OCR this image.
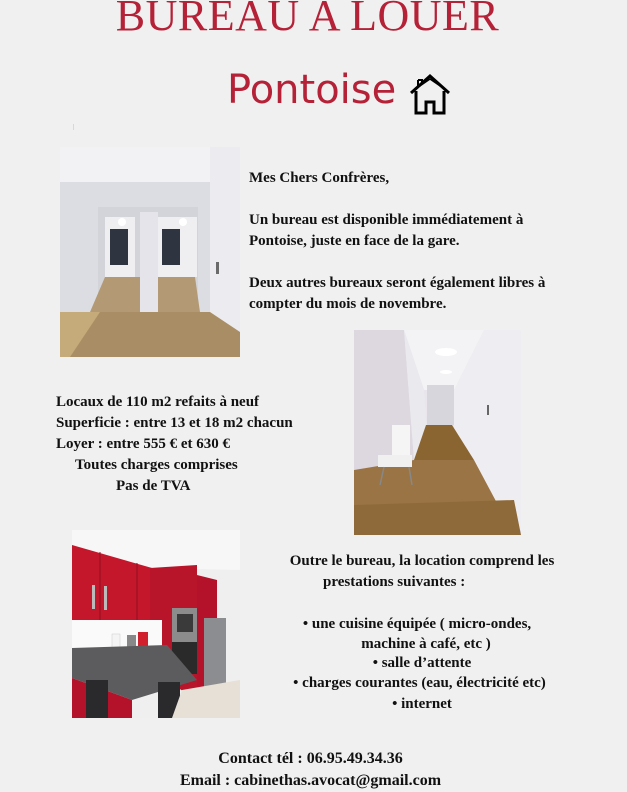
BUREAU A LOUER
Pontoise

Mes Chers Confrères,

Un bureau est disponible immédiatement à Pontoise, juste en face de la gare.

Deux autres bureaux seront également libres à compter du mois de novembre.

Locaux de 110 m2 refaits à neuf
Superficie : entre 13 et 18 m2 chacun
Loyer : entre 555 € et 630 €
Toutes charges comprises
Pas de TVA
Outre le bureau, la location comprend les
prestations suivantes :
• une cuisine équipée ( micro-ondes,
machine à café, etc )
• salle d’attente
• charges courantes (eau, électricité etc)
• internet
Contact tél : 06.95.49.34.36
Email : cabinethas.avocat@gmail.com
